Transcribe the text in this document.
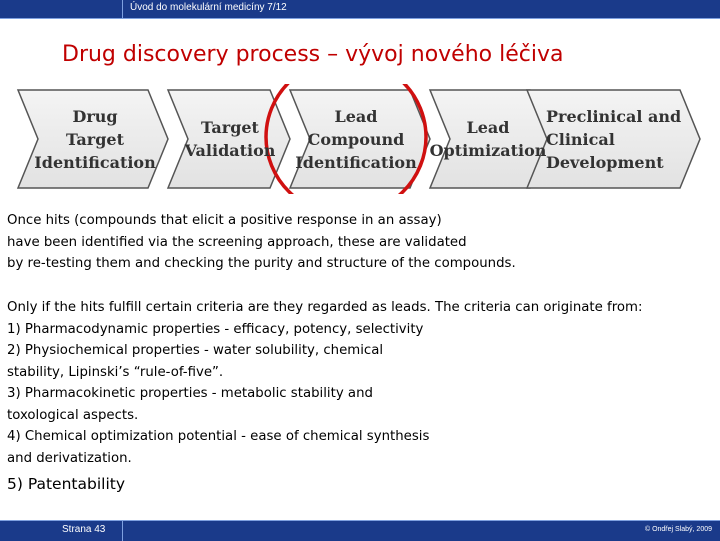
Úvod do molekulární medicíny 7/12
Drug discovery process – vývoj nového léčiva
Drug
Target
Identification
Target
Validation
Lead
Compound
Identification
Lead
Optimization
Preclinical and
Clinical
Development
Once hits (compounds that elicit a positive response in an assay)
have been identified via the screening approach, these are validated
by re-testing them and checking the purity and structure of the compounds.
Only if the hits fulfill certain criteria are they regarded as leads. The criteria can originate from:
1) Pharmacodynamic properties - efficacy, potency, selectivity
2) Physiochemical properties - water solubility, chemical
stability, Lipinski’s “rule-of-five”.
3) Pharmacokinetic properties - metabolic stability and
toxological aspects.
4) Chemical optimization potential - ease of chemical synthesis
and derivatization.
5) Patentability
Strana 43	© Ondřej Slabý, 2009
